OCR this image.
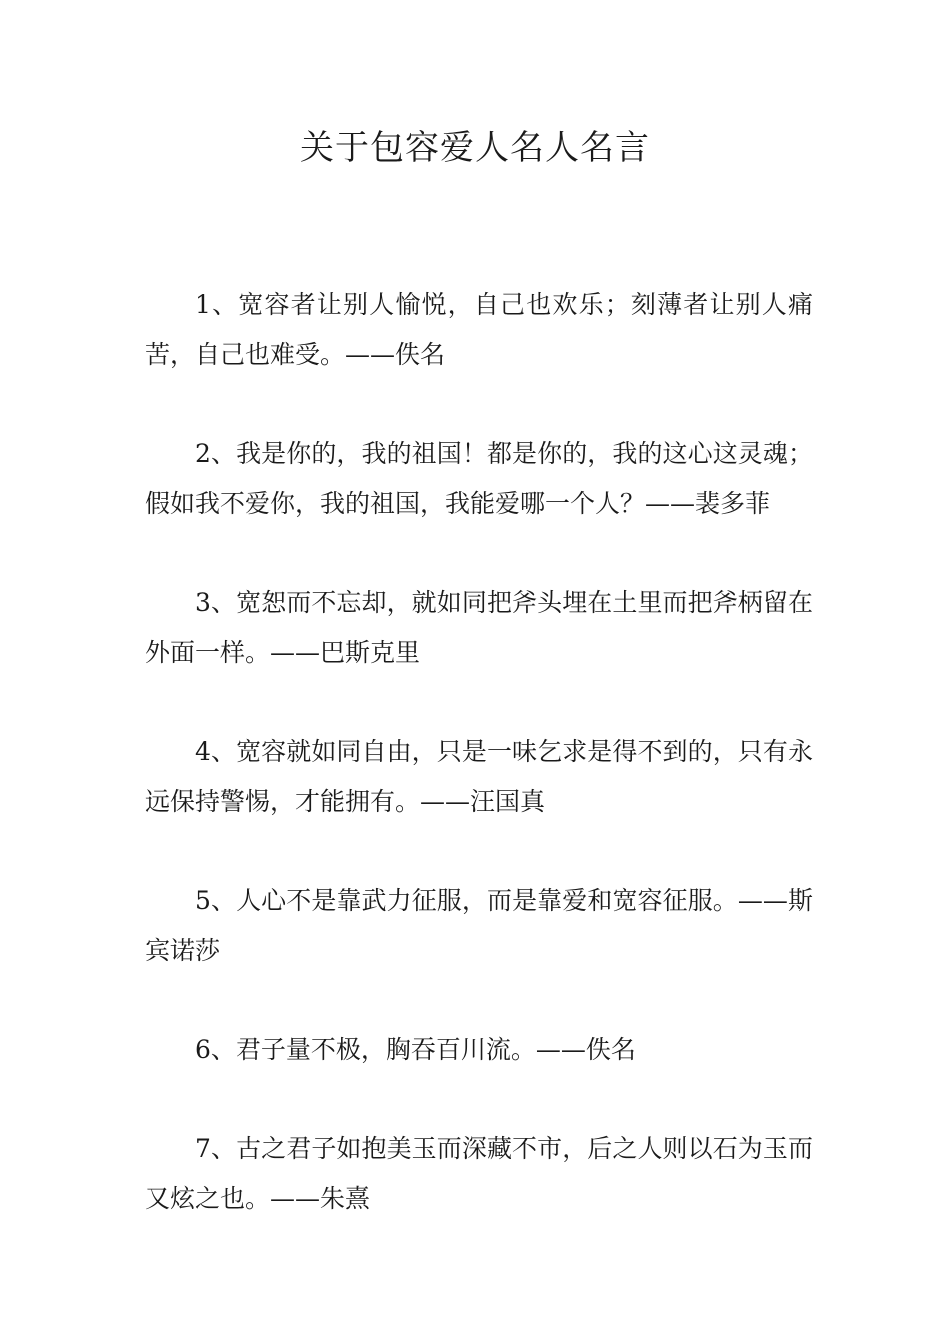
关于包容爱人名人名言

1、宽容者让别人愉悦，自己也欢乐；刻薄者让别人痛苦，自己也难受。——佚名

2、我是你的，我的祖国！都是你的，我的这心这灵魂；假如我不爱你，我的祖国，我能爱哪一个人？——裴多菲

3、宽恕而不忘却，就如同把斧头埋在土里而把斧柄留在外面一样。——巴斯克里

4、宽容就如同自由，只是一味乞求是得不到的，只有永远保持警惕，才能拥有。——汪国真

5、人心不是靠武力征服，而是靠爱和宽容征服。——斯宾诺莎

6、君子量不极，胸吞百川流。——佚名

7、古之君子如抱美玉而深藏不市，后之人则以石为玉而又炫之也。——朱熹
